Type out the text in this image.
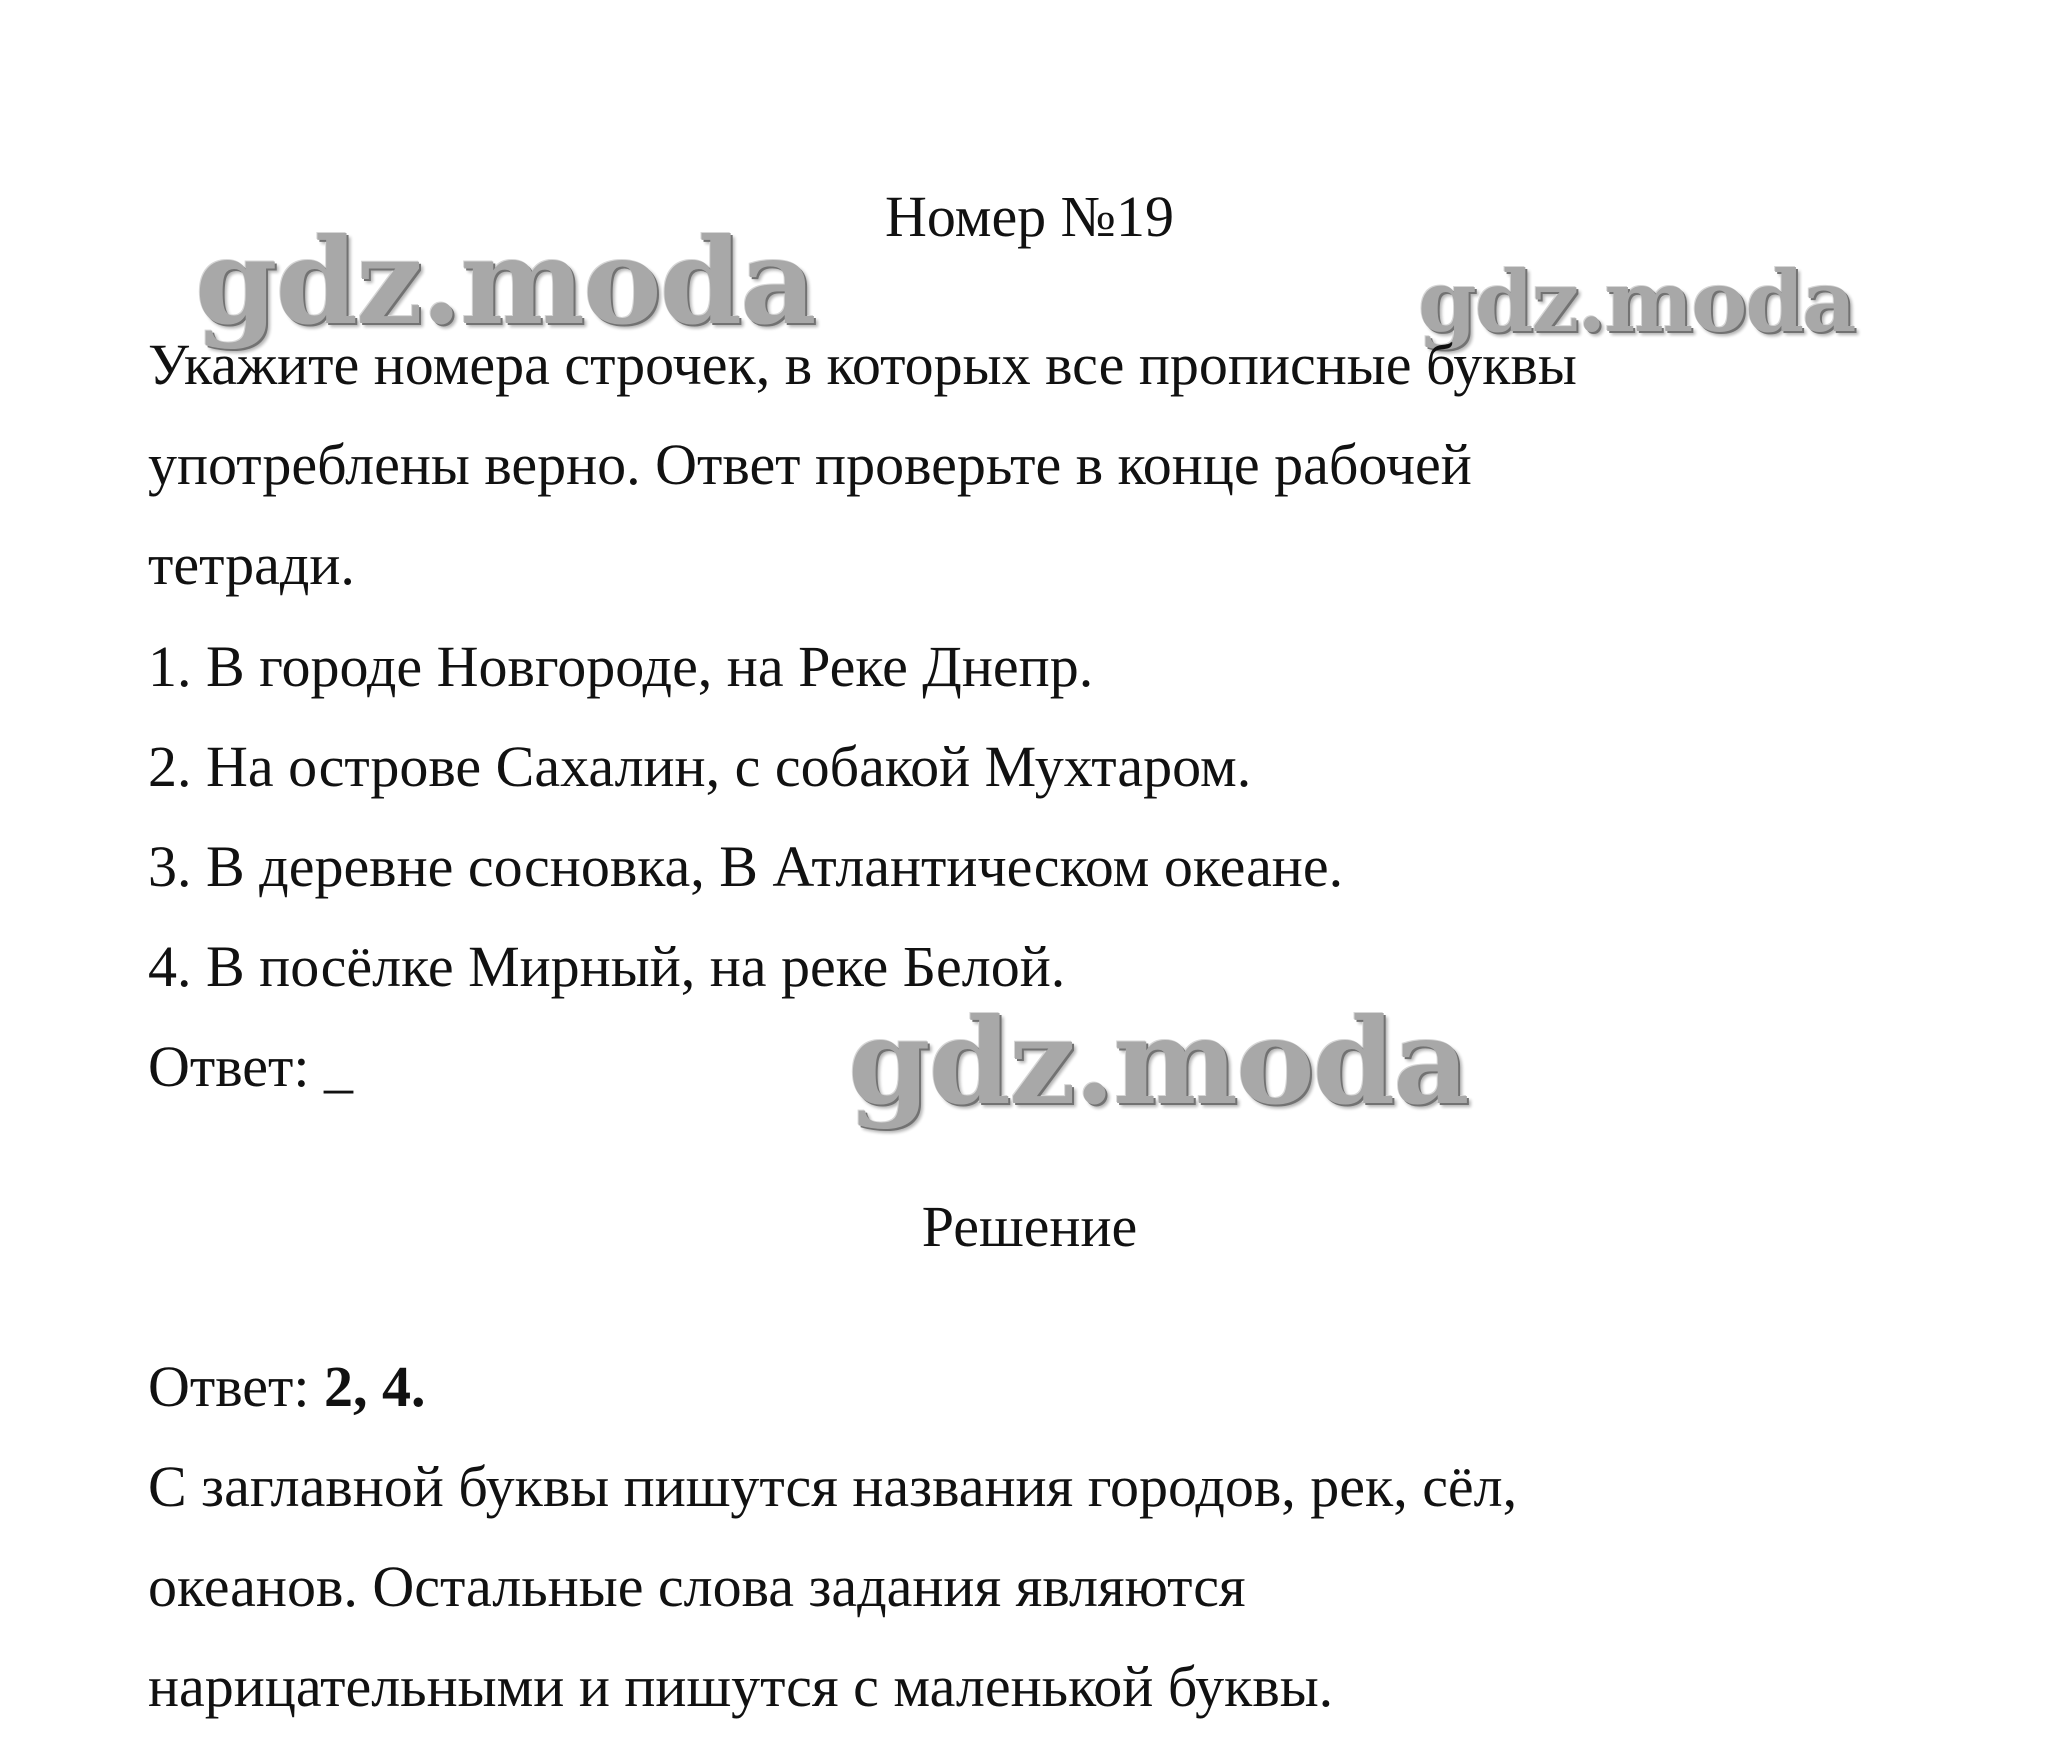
Номер №19
gdz.moda	gdz.moda
Укажите номера строчек, в которых все прописные буквы
употреблены верно. Ответ проверьте в конце рабочей
тетради.
1. В городе Новгороде, на Реке Днепр.
2. На острове Сахалин, с собакой Мухтаром.
3. В деревне сосновка, В Атлантическом океане.
4. В посёлке Мирный, на реке Белой.
Ответ: _	gdz.moda
Решение
Ответ: 2, 4.
С заглавной буквы пишутся названия городов, рек, сёл,
океанов. Остальные слова задания являются
нарицательными и пишутся с маленькой буквы.
